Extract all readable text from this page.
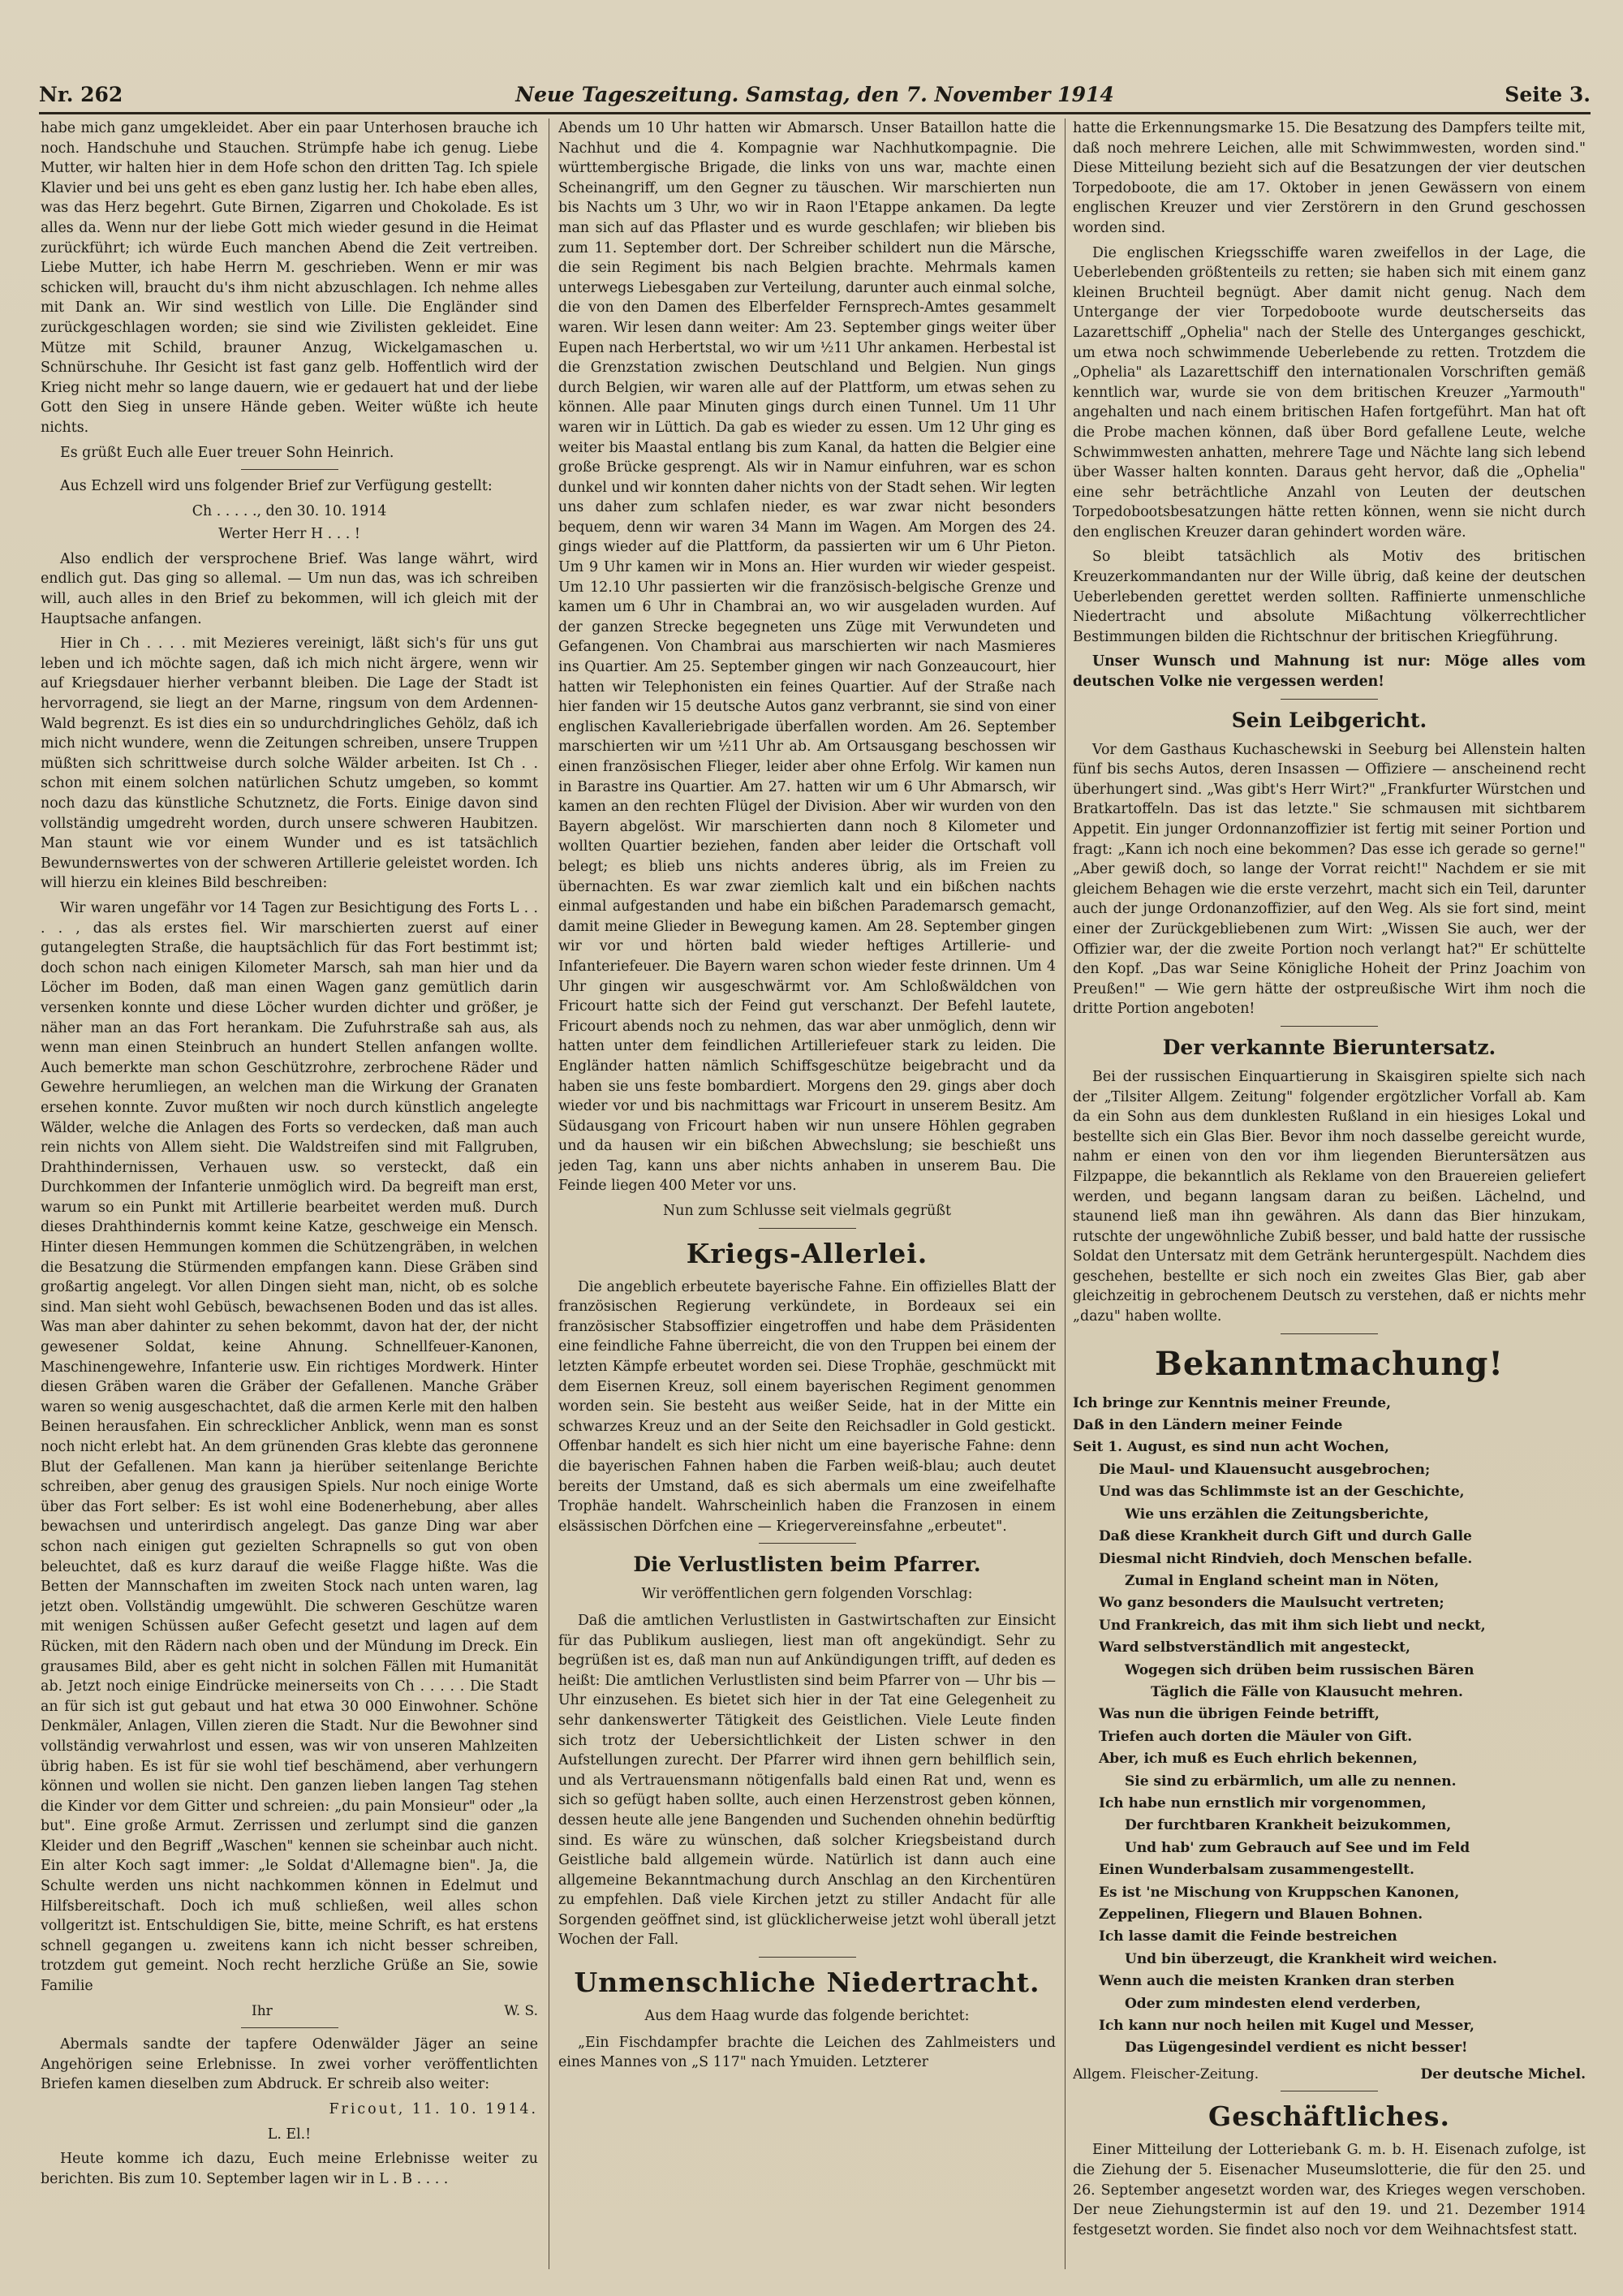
Nr. 262	Neue Tageszeitung. Samstag, den 7. November 1914	Seite 3.

habe mich ganz umgekleidet. Aber ein paar Unterhosen brauche ich noch. Handschuhe und Stauchen. Strümpfe habe ich genug. Liebe Mutter, wir halten hier in dem Hofe schon den dritten Tag. Ich spiele Klavier und bei uns geht es eben ganz lustig her. Ich habe eben alles, was das Herz begehrt. Gute Birnen, Zigarren und Chokolade. Es ist alles da. Wenn nur der liebe Gott mich wieder gesund in die Heimat zurückführt; ich würde Euch manchen Abend die Zeit vertreiben. Liebe Mutter, ich habe Herrn M. geschrieben. Wenn er mir was schicken will, braucht du's ihm nicht abzuschlagen. Ich nehme alles mit Dank an. Wir sind westlich von Lille. Die Engländer sind zurückgeschlagen worden; sie sind wie Zivilisten gekleidet. Eine Mütze mit Schild, brauner Anzug, Wickelgamaschen u. Schnürschuhe. Ihr Gesicht ist fast ganz gelb. Hoffentlich wird der Krieg nicht mehr so lange dauern, wie er gedauert hat und der liebe Gott den Sieg in unsere Hände geben. Weiter wüßte ich heute nichts.

Es grüßt Euch alle Euer treuer Sohn Heinrich.

Aus Echzell wird uns folgender Brief zur Verfügung gestellt:

Ch . . . . ., den 30. 10. 1914
Werter Herr H . . . !

Also endlich der versprochene Brief. Was lange währt, wird endlich gut. Das ging so allemal. — Um nun das, was ich schreiben will, auch alles in den Brief zu bekommen, will ich gleich mit der Hauptsache anfangen.

Hier in Ch . . . . mit Mezieres vereinigt, läßt sich's für uns gut leben und ich möchte sagen, daß ich mich nicht ärgere, wenn wir auf Kriegsdauer hierher verbannt bleiben. Die Lage der Stadt ist hervorragend, sie liegt an der Marne, ringsum von dem Ardennen-Wald begrenzt. Es ist dies ein so undurchdringliches Gehölz, daß ich mich nicht wundere, wenn die Zeitungen schreiben, unsere Truppen müßten sich schrittweise durch solche Wälder arbeiten. Ist Ch . . schon mit einem solchen natürlichen Schutz umgeben, so kommt noch dazu das künstliche Schutznetz, die Forts. Einige davon sind vollständig umgedreht worden, durch unsere schweren Haubitzen. Man staunt wie vor einem Wunder und es ist tatsächlich Bewundernswertes von der schweren Artillerie geleistet worden. Ich will hierzu ein kleines Bild beschreiben:

Wir waren ungefähr vor 14 Tagen zur Besichtigung des Forts L . . . . , das als erstes fiel. Wir marschierten zuerst auf einer gutangelegten Straße, die hauptsächlich für das Fort bestimmt ist; doch schon nach einigen Kilometer Marsch, sah man hier und da Löcher im Boden, daß man einen Wagen ganz gemütlich darin versenken konnte und diese Löcher wurden dichter und größer, je näher man an das Fort herankam. Die Zufuhrstraße sah aus, als wenn man einen Steinbruch an hundert Stellen anfangen wollte. Auch bemerkte man schon Geschützrohre, zerbrochene Räder und Gewehre herumliegen, an welchen man die Wirkung der Granaten ersehen konnte. Zuvor mußten wir noch durch künstlich angelegte Wälder, welche die Anlagen des Forts so verdecken, daß man auch rein nichts von Allem sieht. Die Waldstreifen sind mit Fallgruben, Drahthindernissen, Verhauen usw. so versteckt, daß ein Durchkommen der Infanterie unmöglich wird. Da begreift man erst, warum so ein Punkt mit Artillerie bearbeitet werden muß. Durch dieses Drahthindernis kommt keine Katze, geschweige ein Mensch. Hinter diesen Hemmungen kommen die Schützengräben, in welchen die Besatzung die Stürmenden empfangen kann. Diese Gräben sind großartig angelegt. Vor allen Dingen sieht man, nicht, ob es solche sind. Man sieht wohl Gebüsch, bewachsenen Boden und das ist alles. Was man aber dahinter zu sehen bekommt, davon hat der, der nicht gewesener Soldat, keine Ahnung. Schnellfeuer-Kanonen, Maschinengewehre, Infanterie usw. Ein richtiges Mordwerk. Hinter diesen Gräben waren die Gräber der Gefallenen. Manche Gräber waren so wenig ausgeschachtet, daß die armen Kerle mit den halben Beinen herausfahen. Ein schrecklicher Anblick, wenn man es sonst noch nicht erlebt hat. An dem grünenden Gras klebte das geronnene Blut der Gefallenen. Man kann ja hierüber seitenlange Berichte schreiben, aber genug des grausigen Spiels. Nur noch einige Worte über das Fort selber: Es ist wohl eine Bodenerhebung, aber alles bewachsen und unterirdisch angelegt. Das ganze Ding war aber schon nach einigen gut gezielten Schrapnells so gut von oben beleuchtet, daß es kurz darauf die weiße Flagge hißte. Was die Betten der Mannschaften im zweiten Stock nach unten waren, lag jetzt oben. Vollständig umgewühlt. Die schweren Geschütze waren mit wenigen Schüssen außer Gefecht gesetzt und lagen auf dem Rücken, mit den Rädern nach oben und der Mündung im Dreck. Ein grausames Bild, aber es geht nicht in solchen Fällen mit Humanität ab. Jetzt noch einige Eindrücke meinerseits von Ch . . . . . Die Stadt an für sich ist gut gebaut und hat etwa 30 000 Einwohner. Schöne Denkmäler, Anlagen, Villen zieren die Stadt. Nur die Bewohner sind vollständig verwahrlost und essen, was wir von unseren Mahlzeiten übrig haben. Es ist für sie wohl tief beschämend, aber verhungern können und wollen sie nicht. Den ganzen lieben langen Tag stehen die Kinder vor dem Gitter und schreien: „du pain Monsieur" oder „la but". Eine große Armut. Zerrissen und zerlumpt sind die ganzen Kleider und den Begriff „Waschen" kennen sie scheinbar auch nicht. Ein alter Koch sagt immer: „le Soldat d'Allemagne bien". Ja, die Schulte werden uns nicht nachkommen können in Edelmut und Hilfsbereitschaft. Doch ich muß schließen, weil alles schon vollgeritzt ist. Entschuldigen Sie, bitte, meine Schrift, es hat erstens schnell gegangen u. zweitens kann ich nicht besser schreiben, trotzdem gut gemeint. Noch recht herzliche Grüße an Sie, sowie Familie

Ihr	W. S.

Abermals sandte der tapfere Odenwälder Jäger an seine Angehörigen seine Erlebnisse. In zwei vorher veröffentlichten Briefen kamen dieselben zum Abdruck. Er schreib also weiter:

Fricout, 11. 10. 1914.
L. El.!

Heute komme ich dazu, Euch meine Erlebnisse weiter zu berichten. Bis zum 10. September lagen wir in L . B . . . .

Abends um 10 Uhr hatten wir Abmarsch. Unser Bataillon hatte die Nachhut und die 4. Kompagnie war Nachhutkompagnie. Die württembergische Brigade, die links von uns war, machte einen Scheinangriff, um den Gegner zu täuschen. Wir marschierten nun bis Nachts um 3 Uhr, wo wir in Raon l'Etappe ankamen. Da legte man sich auf das Pflaster und es wurde geschlafen; wir blieben bis zum 11. September dort. Der Schreiber schildert nun die Märsche, die sein Regiment bis nach Belgien brachte. Mehrmals kamen unterwegs Liebesgaben zur Verteilung, darunter auch einmal solche, die von den Damen des Elberfelder Fernsprech-Amtes gesammelt waren. Wir lesen dann weiter: Am 23. September gings weiter über Eupen nach Herbertstal, wo wir um ½11 Uhr ankamen. Herbestal ist die Grenzstation zwischen Deutschland und Belgien. Nun gings durch Belgien, wir waren alle auf der Plattform, um etwas sehen zu können. Alle paar Minuten gings durch einen Tunnel. Um 11 Uhr waren wir in Lüttich. Da gab es wieder zu essen. Um 12 Uhr ging es weiter bis Maastal entlang bis zum Kanal, da hatten die Belgier eine große Brücke gesprengt. Als wir in Namur einfuhren, war es schon dunkel und wir konnten daher nichts von der Stadt sehen. Wir legten uns daher zum schlafen nieder, es war zwar nicht besonders bequem, denn wir waren 34 Mann im Wagen. Am Morgen des 24. gings wieder auf die Plattform, da passierten wir um 6 Uhr Pieton. Um 9 Uhr kamen wir in Mons an. Hier wurden wir wieder gespeist. Um 12.10 Uhr passierten wir die französisch-belgische Grenze und kamen um 6 Uhr in Chambrai an, wo wir ausgeladen wurden. Auf der ganzen Strecke begegneten uns Züge mit Verwundeten und Gefangenen. Von Chambrai aus marschierten wir nach Masmieres ins Quartier. Am 25. September gingen wir nach Gonzeaucourt, hier hatten wir Telephonisten ein feines Quartier. Auf der Straße nach hier fanden wir 15 deutsche Autos ganz verbrannt, sie sind von einer englischen Kavalleriebrigade überfallen worden. Am 26. September marschierten wir um ½11 Uhr ab. Am Ortsausgang beschossen wir einen französischen Flieger, leider aber ohne Erfolg. Wir kamen nun in Barastre ins Quartier. Am 27. hatten wir um 6 Uhr Abmarsch, wir kamen an den rechten Flügel der Division. Aber wir wurden von den Bayern abgelöst. Wir marschierten dann noch 8 Kilometer und wollten Quartier beziehen, fanden aber leider die Ortschaft voll belegt; es blieb uns nichts anderes übrig, als im Freien zu übernachten. Es war zwar ziemlich kalt und ein bißchen nachts einmal aufgestanden und habe ein bißchen Parademarsch gemacht, damit meine Glieder in Bewegung kamen. Am 28. September gingen wir vor und hörten bald wieder heftiges Artillerie- und Infanteriefeuer. Die Bayern waren schon wieder feste drinnen. Um 4 Uhr gingen wir ausgeschwärmt vor. Am Schloßwäldchen von Fricourt hatte sich der Feind gut verschanzt. Der Befehl lautete, Fricourt abends noch zu nehmen, das war aber unmöglich, denn wir hatten unter dem feindlichen Artilleriefeuer stark zu leiden. Die Engländer hatten nämlich Schiffsgeschütze beigebracht und da haben sie uns feste bombardiert. Morgens den 29. gings aber doch wieder vor und bis nachmittags war Fricourt in unserem Besitz. Am Südausgang von Fricourt haben wir nun unsere Höhlen gegraben und da hausen wir ein bißchen Abwechslung; sie beschießt uns jeden Tag, kann uns aber nichts anhaben in unserem Bau. Die Feinde liegen 400 Meter vor uns.

Nun zum Schlusse seit vielmals gegrüßt
Kriegs-Allerlei.

Die angeblich erbeutete bayerische Fahne. Ein offizielles Blatt der französischen Regierung verkündete, in Bordeaux sei ein französischer Stabsoffizier eingetroffen und habe dem Präsidenten eine feindliche Fahne überreicht, die von den Truppen bei einem der letzten Kämpfe erbeutet worden sei. Diese Trophäe, geschmückt mit dem Eisernen Kreuz, soll einem bayerischen Regiment genommen worden sein. Sie besteht aus weißer Seide, hat in der Mitte ein schwarzes Kreuz und an der Seite den Reichsadler in Gold gestickt. Offenbar handelt es sich hier nicht um eine bayerische Fahne: denn die bayerischen Fahnen haben die Farben weiß-blau; auch deutet bereits der Umstand, daß es sich abermals um eine zweifelhafte Trophäe handelt. Wahrscheinlich haben die Franzosen in einem elsässischen Dörfchen eine — Kriegervereinsfahne „erbeutet".

Die Verlustlisten beim Pfarrer.
Wir veröffentlichen gern folgenden Vorschlag:

Daß die amtlichen Verlustlisten in Gastwirtschaften zur Einsicht für das Publikum ausliegen, liest man oft angekündigt. Sehr zu begrüßen ist es, daß man nun auf Ankündigungen trifft, auf deden es heißt: Die amtlichen Verlustlisten sind beim Pfarrer von — Uhr bis — Uhr einzusehen. Es bietet sich hier in der Tat eine Gelegenheit zu sehr dankenswerter Tätigkeit des Geistlichen. Viele Leute finden sich trotz der Uebersichtlichkeit der Listen schwer in den Aufstellungen zurecht. Der Pfarrer wird ihnen gern behilflich sein, und als Vertrauensmann nötigenfalls bald einen Rat und, wenn es sich so gefügt haben sollte, auch einen Herzenstrost geben können, dessen heute alle jene Bangenden und Suchenden ohnehin bedürftig sind. Es wäre zu wünschen, daß solcher Kriegsbeistand durch Geistliche bald allgemein würde. Natürlich ist dann auch eine allgemeine Bekanntmachung durch Anschlag an den Kirchentüren zu empfehlen. Daß viele Kirchen jetzt zu stiller Andacht für alle Sorgenden geöffnet sind, ist glücklicherweise jetzt wohl überall jetzt Wochen der Fall.

Unmenschliche Niedertracht.
Aus dem Haag wurde das folgende berichtet:

„Ein Fischdampfer brachte die Leichen des Zahlmeisters und eines Mannes von „S 117" nach Ymuiden. Letzterer

hatte die Erkennungsmarke 15. Die Besatzung des Dampfers teilte mit, daß noch mehrere Leichen, alle mit Schwimmwesten, worden sind." Diese Mitteilung bezieht sich auf die Besatzungen der vier deutschen Torpedoboote, die am 17. Oktober in jenen Gewässern von einem englischen Kreuzer und vier Zerstörern in den Grund geschossen worden sind.

Die englischen Kriegsschiffe waren zweifellos in der Lage, die Ueberlebenden größtenteils zu retten; sie haben sich mit einem ganz kleinen Bruchteil begnügt. Aber damit nicht genug. Nach dem Untergange der vier Torpedoboote wurde deutscherseits das Lazarettschiff „Ophelia" nach der Stelle des Unterganges geschickt, um etwa noch schwimmende Ueberlebende zu retten. Trotzdem die „Ophelia" als Lazarettschiff den internationalen Vorschriften gemäß kenntlich war, wurde sie von dem britischen Kreuzer „Yarmouth" angehalten und nach einem britischen Hafen fortgeführt. Man hat oft die Probe machen können, daß über Bord gefallene Leute, welche Schwimmwesten anhatten, mehrere Tage und Nächte lang sich lebend über Wasser halten konnten. Daraus geht hervor, daß die „Ophelia" eine sehr beträchtliche Anzahl von Leuten der deutschen Torpedobootsbesatzungen hätte retten können, wenn sie nicht durch den englischen Kreuzer daran gehindert worden wäre.

So bleibt tatsächlich als Motiv des britischen Kreuzerkommandanten nur der Wille übrig, daß keine der deutschen Ueberlebenden gerettet werden sollten. Raffinierte unmenschliche Niedertracht und absolute Mißachtung völkerrechtlicher Bestimmungen bilden die Richtschnur der britischen Kriegführung.

Unser Wunsch und Mahnung ist nur: Möge alles vom deutschen Volke nie vergessen werden!

Sein Leibgericht.

Vor dem Gasthaus Kuchaschewski in Seeburg bei Allenstein halten fünf bis sechs Autos, deren Insassen — Offiziere — anscheinend recht überhungert sind. „Was gibt's Herr Wirt?" „Frankfurter Würstchen und Bratkartoffeln. Das ist das letzte." Sie schmausen mit sichtbarem Appetit. Ein junger Ordonnanzoffizier ist fertig mit seiner Portion und fragt: „Kann ich noch eine bekommen? Das esse ich gerade so gerne!" „Aber gewiß doch, so lange der Vorrat reicht!" Nachdem er sie mit gleichem Behagen wie die erste verzehrt, macht sich ein Teil, darunter auch der junge Ordonanzoffizier, auf den Weg. Als sie fort sind, meint einer der Zurückgebliebenen zum Wirt: „Wissen Sie auch, wer der Offizier war, der die zweite Portion noch verlangt hat?" Er schüttelte den Kopf. „Das war Seine Königliche Hoheit der Prinz Joachim von Preußen!" — Wie gern hätte der ostpreußische Wirt ihm noch die dritte Portion angeboten!

Der verkannte Bieruntersatz.

Bei der russischen Einquartierung in Skaisgiren spielte sich nach der „Tilsiter Allgem. Zeitung" folgender ergötzlicher Vorfall ab. Kam da ein Sohn aus dem dunklesten Rußland in ein hiesiges Lokal und bestellte sich ein Glas Bier. Bevor ihm noch dasselbe gereicht wurde, nahm er einen von den vor ihm liegenden Bieruntersätzen aus Filzpappe, die bekanntlich als Reklame von den Brauereien geliefert werden, und begann langsam daran zu beißen. Lächelnd, und staunend ließ man ihn gewähren. Als dann das Bier hinzukam, rutschte der ungewöhnliche Zubiß besser, und bald hatte der russische Soldat den Untersatz mit dem Getränk heruntergespült. Nachdem dies geschehen, bestellte er sich noch ein zweites Glas Bier, gab aber gleichzeitig in gebrochenem Deutsch zu verstehen, daß er nichts mehr „dazu" haben wollte.

Bekanntmachung!
Ich bringe zur Kenntnis meiner Freunde,
Daß in den Ländern meiner Feinde
Seit 1. August, es sind nun acht Wochen,
Die Maul- und Klauensucht ausgebrochen;
Und was das Schlimmste ist an der Geschichte,
Wie uns erzählen die Zeitungsberichte,
Daß diese Krankheit durch Gift und durch Galle
Diesmal nicht Rindvieh, doch Menschen befalle.
Zumal in England scheint man in Nöten,
Wo ganz besonders die Maulsucht vertreten;
Und Frankreich, das mit ihm sich liebt und neckt,
Ward selbstverständlich mit angesteckt,
Wogegen sich drüben beim russischen Bären
Täglich die Fälle von Klausucht mehren.
Was nun die übrigen Feinde betrifft,
Triefen auch dorten die Mäuler von Gift.
Aber, ich muß es Euch ehrlich bekennen,
Sie sind zu erbärmlich, um alle zu nennen.
Ich habe nun ernstlich mir vorgenommen,
Der furchtbaren Krankheit beizukommen,
Und hab' zum Gebrauch auf See und im Feld
Einen Wunderbalsam zusammengestellt.
Es ist 'ne Mischung von Kruppschen Kanonen,
Zeppelinen, Fliegern und Blauen Bohnen.
Ich lasse damit die Feinde bestreichen
Und bin überzeugt, die Krankheit wird weichen.
Wenn auch die meisten Kranken dran sterben
Oder zum mindesten elend verderben,
Ich kann nur noch heilen mit Kugel und Messer,
Das Lügengesindel verdient es nicht besser!
Allgem. Fleischer-Zeitung.	Der deutsche Michel.
Geschäftliches.

Einer Mitteilung der Lotteriebank G. m. b. H. Eisenach zufolge, ist die Ziehung der 5. Eisenacher Museumslotterie, die für den 25. und 26. September angesetzt worden war, des Krieges wegen verschoben. Der neue Ziehungstermin ist auf den 19. und 21. Dezember 1914 festgesetzt worden. Sie findet also noch vor dem Weihnachtsfest statt.
